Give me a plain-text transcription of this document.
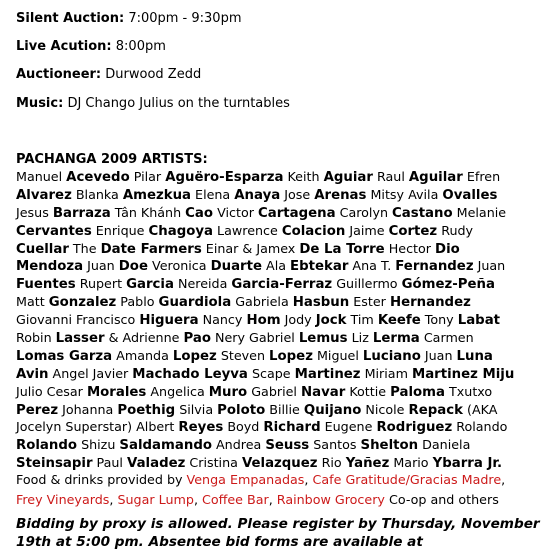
Silent Auction: 7:00pm - 9:30pm

Live Acution: 8:00pm

Auctioneer: Durwood Zedd

Music: DJ Chango Julius on the turntables

PACHANGA 2009 ARTISTS:
Manuel Acevedo Pilar Aguëro-Esparza Keith Aguiar Raul Aguilar Efren
Alvarez Blanka Amezkua Elena Anaya Jose Arenas Mitsy Avila Ovalles
Jesus Barraza Tân Khánh Cao Victor Cartagena Carolyn Castano Melanie
Cervantes Enrique Chagoya Lawrence Colacion Jaime Cortez Rudy
Cuellar The Date Farmers Einar & Jamex De La Torre Hector Dio
Mendoza Juan Doe Veronica Duarte Ala Ebtekar Ana T. Fernandez Juan
Fuentes Rupert Garcia Nereida Garcia-Ferraz Guillermo Gómez-Peña
Matt Gonzalez Pablo Guardiola Gabriela Hasbun Ester Hernandez
Giovanni Francisco Higuera Nancy Hom Jody Jock Tim Keefe Tony Labat
Robin Lasser & Adrienne Pao Nery Gabriel Lemus Liz Lerma Carmen
Lomas Garza Amanda Lopez Steven Lopez Miguel Luciano Juan Luna
Avin Angel Javier Machado Leyva Scape Martinez Miriam Martinez Miju
Julio Cesar Morales Angelica Muro Gabriel Navar Kottie Paloma Txutxo
Perez Johanna Poethig Silvia Poloto Billie Quijano Nicole Repack (AKA
Jocelyn Superstar) Albert Reyes Boyd Richard Eugene Rodriguez Rolando
Rolando Shizu Saldamando Andrea Seuss Santos Shelton Daniela
Steinsapir Paul Valadez Cristina Velazquez Rio Yañez Mario Ybarra Jr.
Food & drinks provided by Venga Empanadas, Cafe Gratitude/Gracias Madre,
Frey Vineyards, Sugar Lump, Coffee Bar, Rainbow Grocery Co-op and others
Bidding by proxy is allowed. Please register by Thursday, November
19th at 5:00 pm. Absentee bid forms are available at
